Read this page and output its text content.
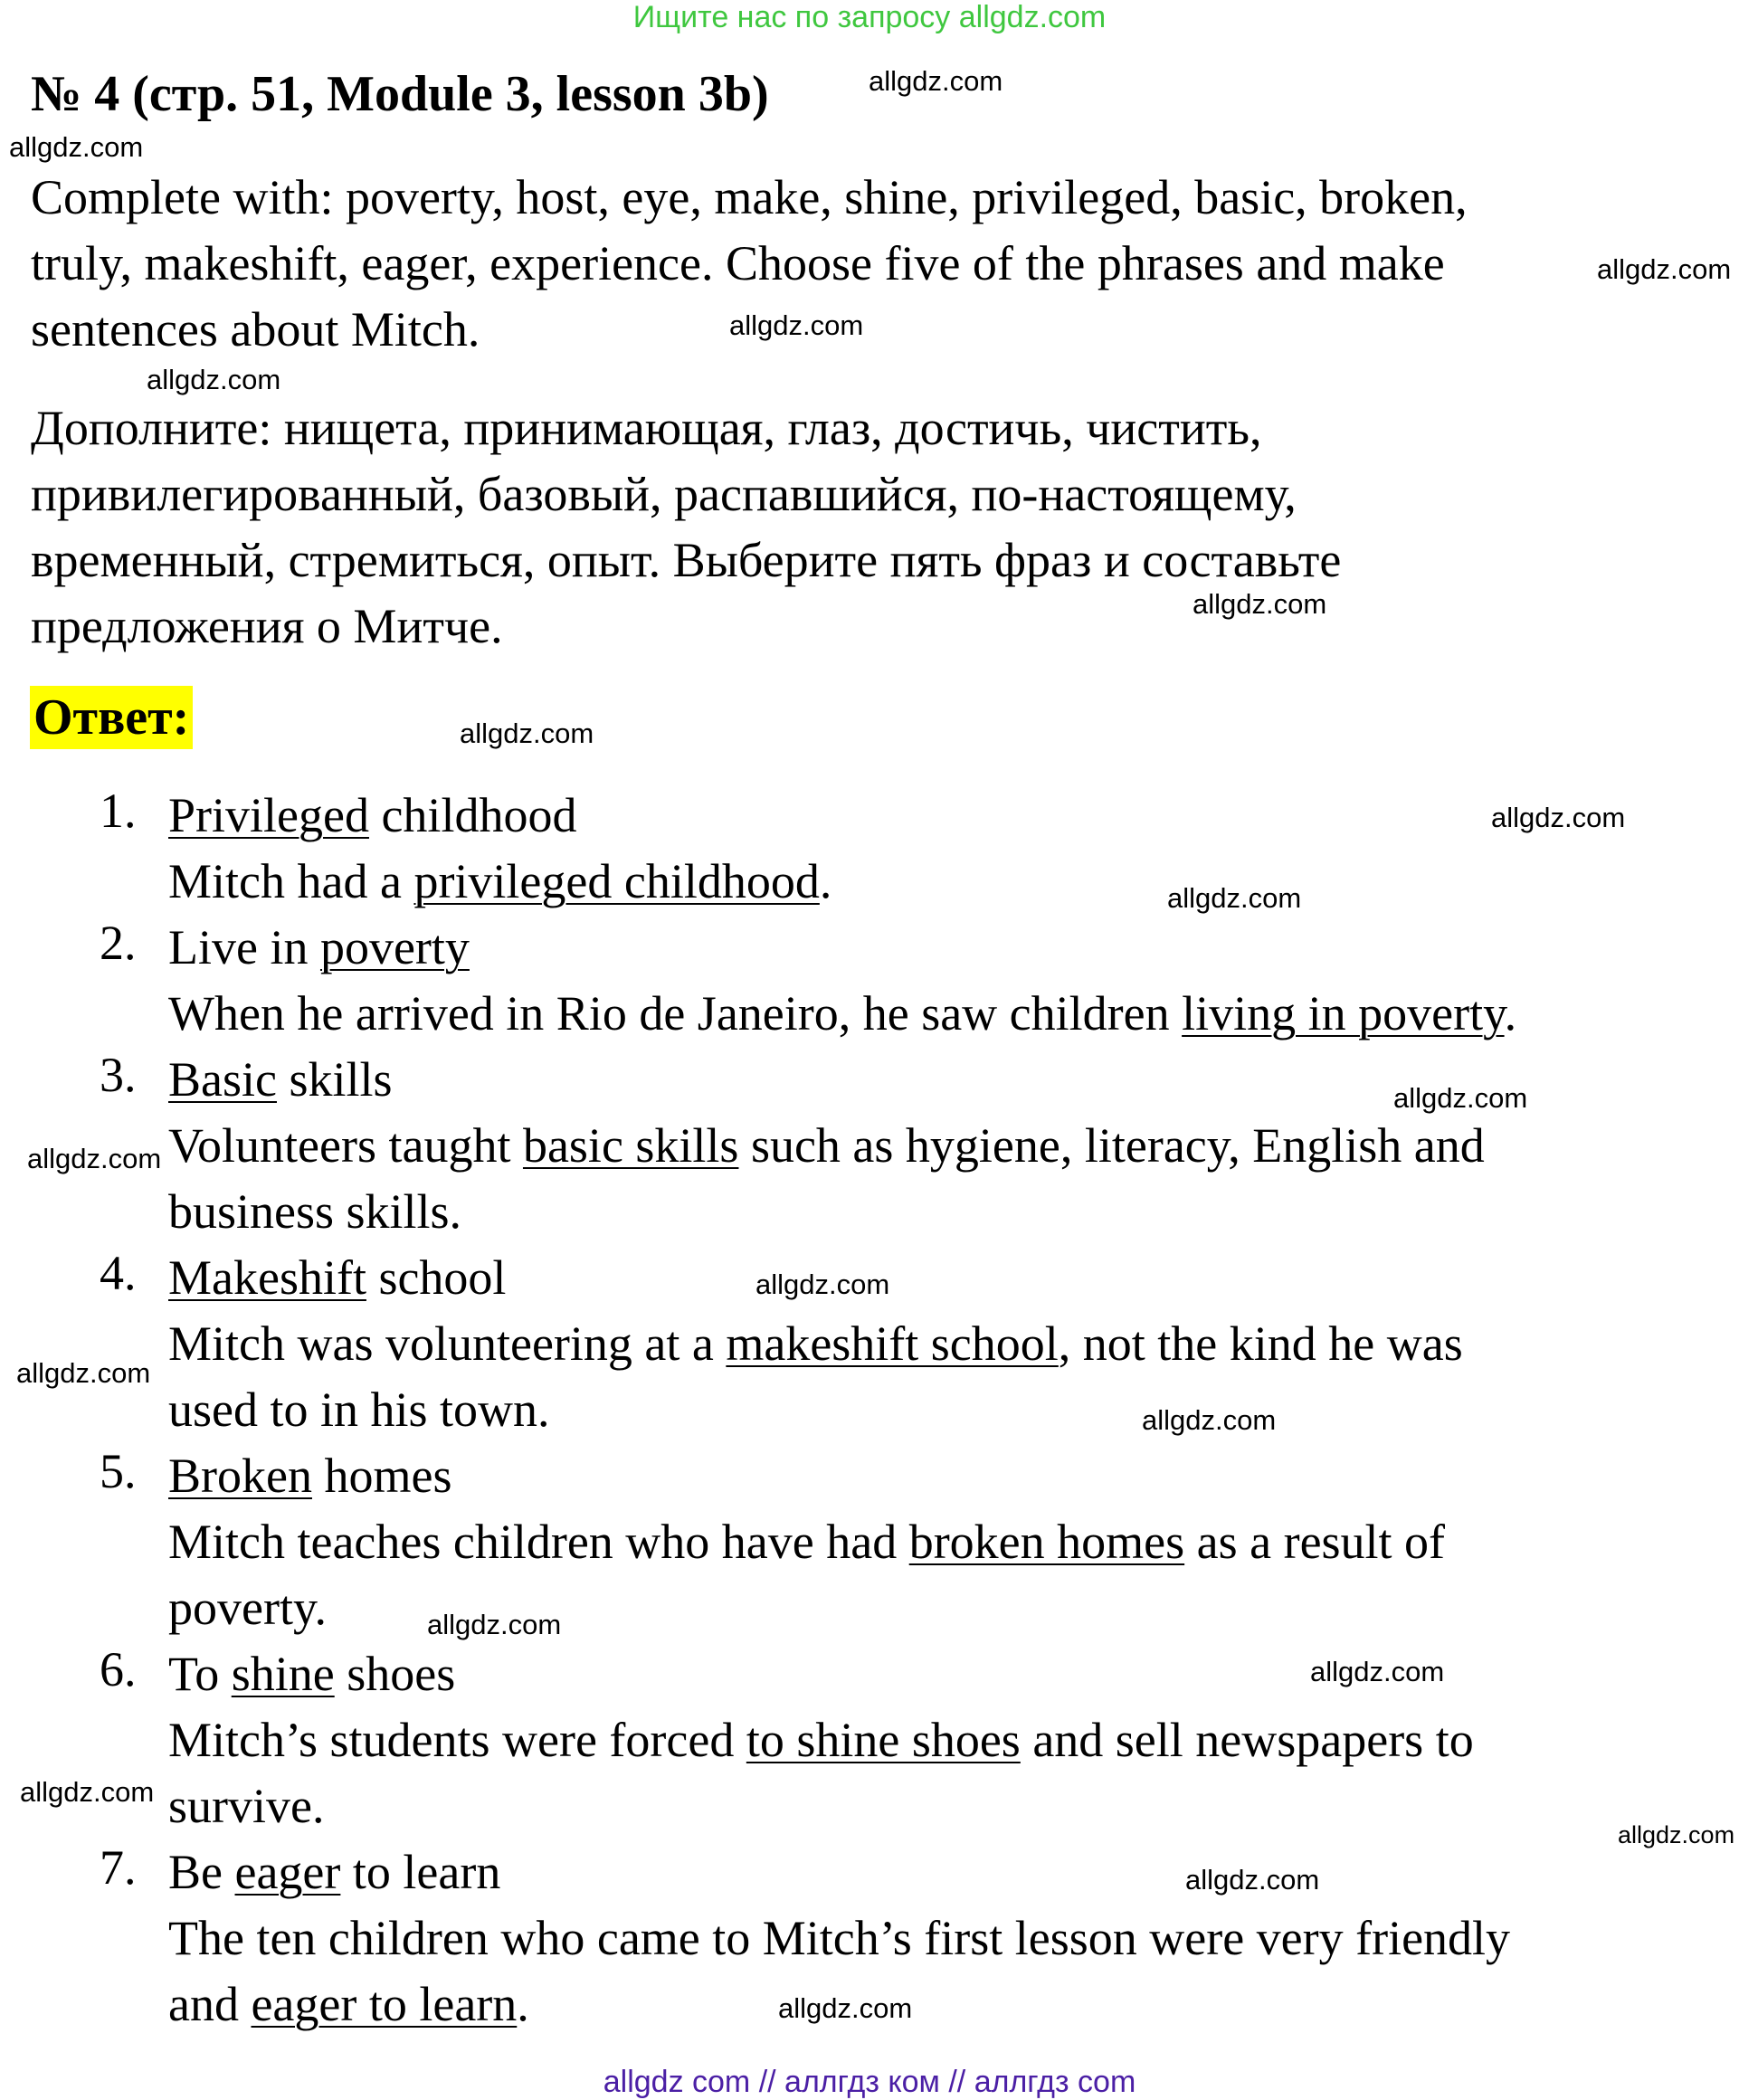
Ищите нас по запросу allgdz.com
№ 4 (стр. 51, Module 3, lesson 3b)
Complete with: poverty, host, eye, make, shine, privileged, basic, broken,
truly, makeshift, eager, experience. Choose five of the phrases and make
sentences about Mitch.
Дополните: нищета, принимающая, глаз, достичь, чистить,
привилегированный, базовый, распавшийся, по-настоящему,
временный, стремиться, опыт. Выберите пять фраз и составьте
предложения о Митче.
Ответ:
1. Privileged childhood
Mitch had a privileged childhood.
2. Live in poverty
When he arrived in Rio de Janeiro, he saw children living in poverty.
3. Basic skills
Volunteers taught basic skills such as hygiene, literacy, English and
business skills.
4. Makeshift school
Mitch was volunteering at a makeshift school, not the kind he was
used to in his town.
5. Broken homes
Mitch teaches children who have had broken homes as a result of
poverty.
6. To shine shoes
Mitch’s students were forced to shine shoes and sell newspapers to
survive.
7. Be eager to learn
The ten children who came to Mitch’s first lesson were very friendly
and eager to learn.
allgdz.com
allgdz.com
allgdz.com
allgdz.com
allgdz.com
allgdz.com
allgdz.com
allgdz.com
allgdz.com
allgdz.com
allgdz.com
allgdz.com
allgdz.com
allgdz.com
allgdz.com
allgdz.com
allgdz.com
allgdz.com
allgdz.com
allgdz.com
allgdz com // аллгдз ком // аллгдз com
